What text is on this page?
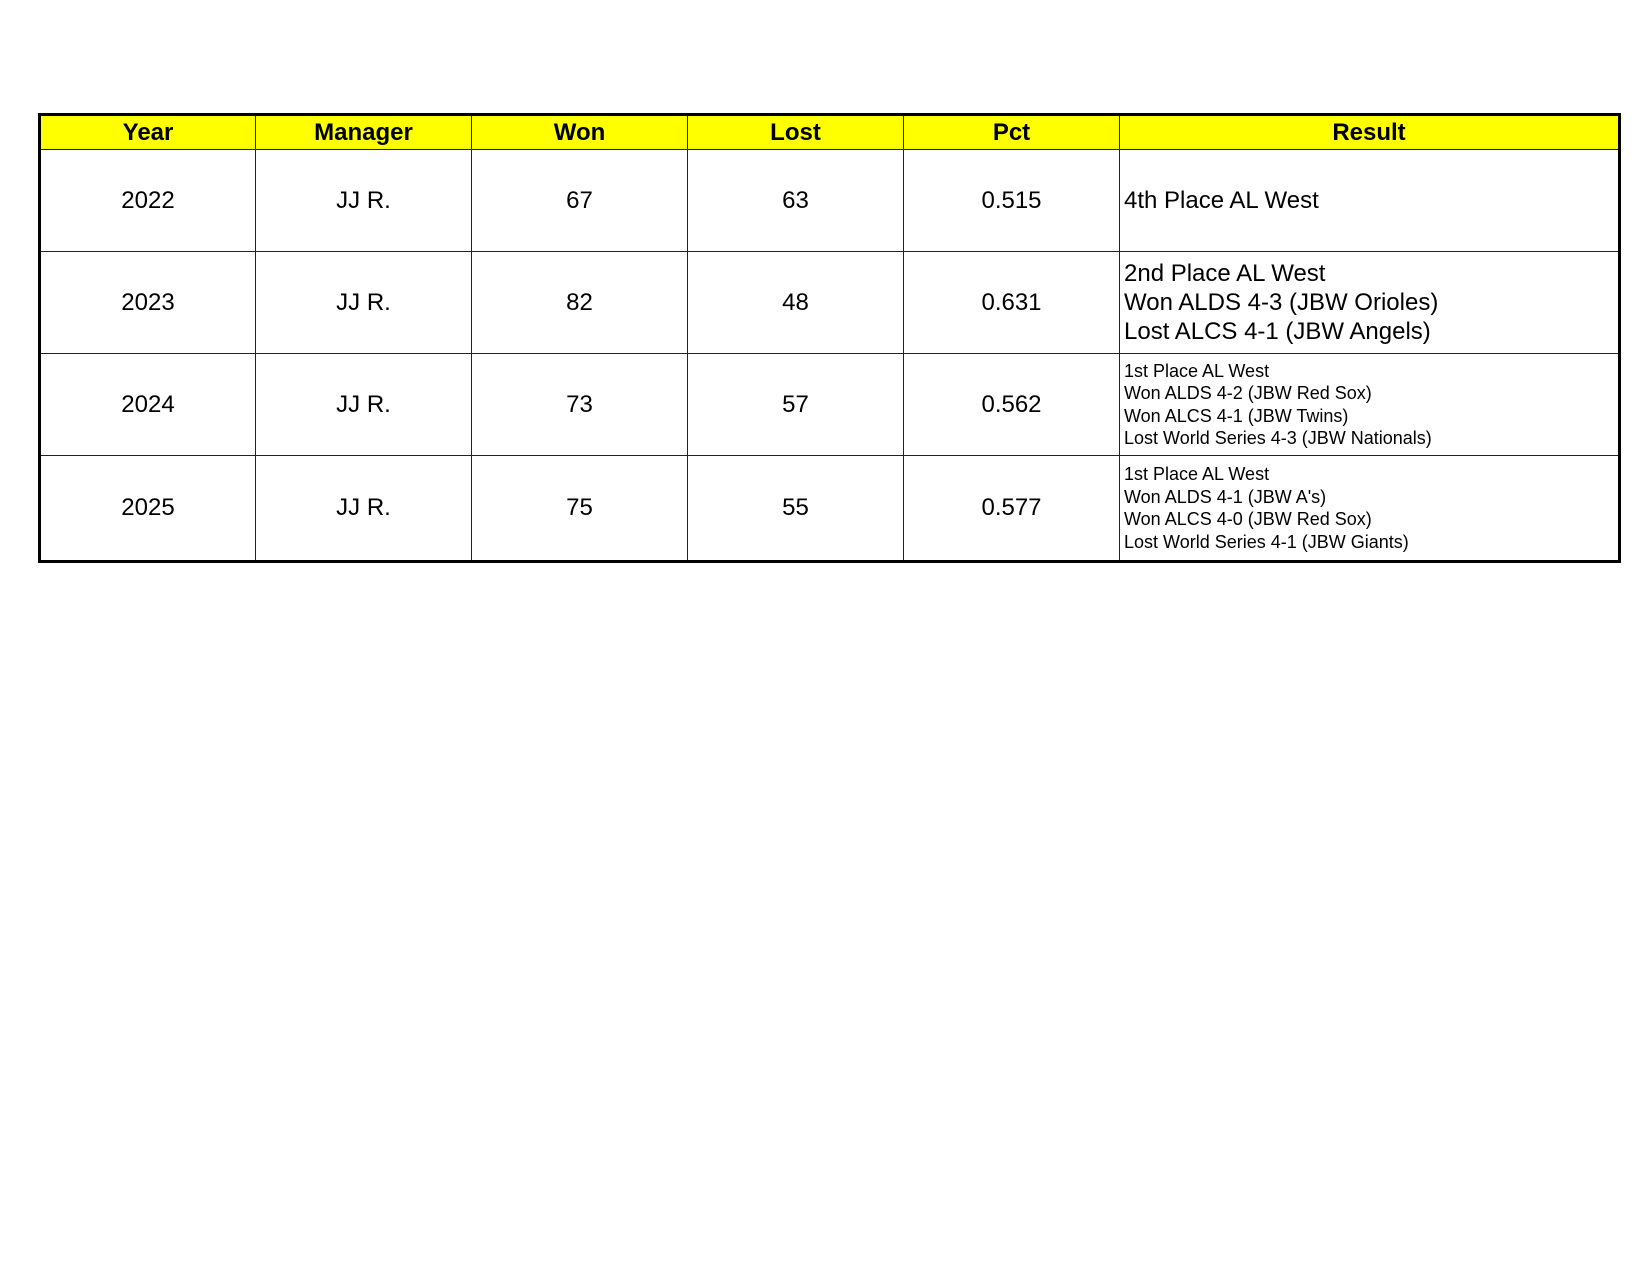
Year	Manager	Won	Lost	Pct	Result
2022	JJ R.	67	63	0.515	4th Place AL West

2023	JJ R.	82	48	0.631	2nd Place AL West
Won ALDS 4-3 (JBW Orioles)
Lost ALCS 4-1 (JBW Angels)

2024	JJ R.	73	57	0.562	1st Place AL West
Won ALDS 4-2 (JBW Red Sox)
Won ALCS 4-1 (JBW Twins)
Lost World Series 4-3 (JBW Nationals)

2025	JJ R.	75	55	0.577	1st Place AL West
Won ALDS 4-1 (JBW A's)
Won ALCS 4-0 (JBW Red Sox)
Lost World Series 4-1 (JBW Giants)
